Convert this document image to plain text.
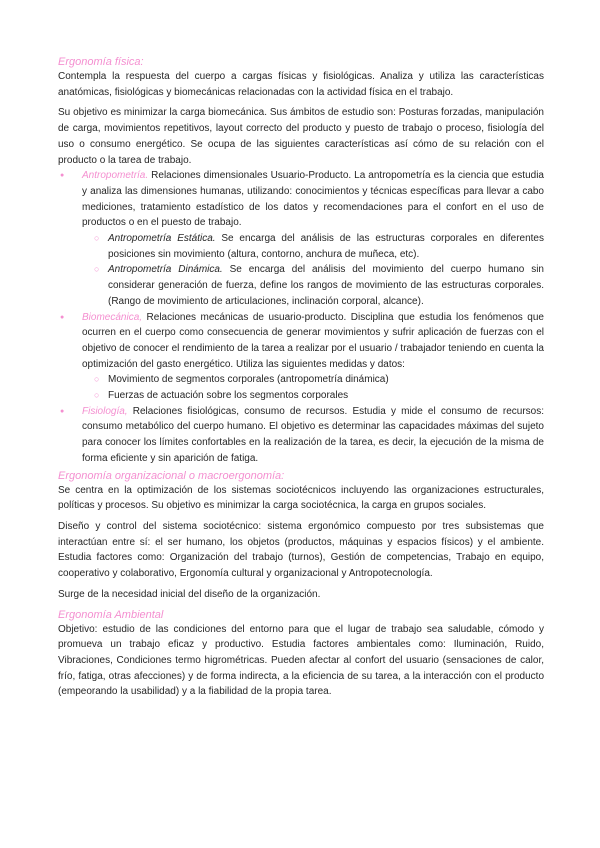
Ergonomía física:

Contempla la respuesta del cuerpo a cargas físicas y fisiológicas. Analiza y utiliza las características anatómicas, fisiológicas y biomecánicas relacionadas con la actividad física en el trabajo.

Su objetivo es minimizar la carga biomecánica. Sus ámbitos de estudio son: Posturas forzadas, manipulación de carga, movimientos repetitivos, layout correcto del producto y puesto de trabajo o proceso, fisiología del uso o consumo energético. Se ocupa de las siguientes características así cómo de su relación con el producto o la tarea de trabajo.

● Antropometría. Relaciones dimensionales Usuario-Producto. La antropometría es la ciencia que estudia y analiza las dimensiones humanas, utilizando: conocimientos y técnicas específicas para llevar a cabo mediciones, tratamiento estadístico de los datos y recomendaciones para el confort en el uso de productos o en el puesto de trabajo.
○ Antropometría Estática. Se encarga del análisis de las estructuras corporales en diferentes posiciones sin movimiento (altura, contorno, anchura de muñeca, etc).
○ Antropometría Dinámica. Se encarga del análisis del movimiento del cuerpo humano sin considerar generación de fuerza, define los rangos de movimiento de las estructuras corporales. (Rango de movimiento de articulaciones, inclinación corporal, alcance).
● Biomecánica, Relaciones mecánicas de usuario-producto. Disciplina que estudia los fenómenos que ocurren en el cuerpo como consecuencia de generar movimientos y sufrir aplicación de fuerzas con el objetivo de conocer el rendimiento de la tarea a realizar por el usuario / trabajador teniendo en cuenta la optimización del gasto energético. Utiliza las siguientes medidas y datos:
○ Movimiento de segmentos corporales (antropometría dinámica)
○ Fuerzas de actuación sobre los segmentos corporales
● Fisiología, Relaciones fisiológicas, consumo de recursos. Estudia y mide el consumo de recursos: consumo metabólico del cuerpo humano. El objetivo es determinar las capacidades máximas del sujeto para conocer los límites confortables en la realización de la tarea, es decir, la ejecución de la misma de forma eficiente y sin aparición de fatiga.
Ergonomía organizacional o macroergonomía:

Se centra en la optimización de los sistemas sociotécnicos incluyendo las organizaciones estructurales, políticas y procesos. Su objetivo es minimizar la carga sociotécnica, la carga en grupos sociales.

Diseño y control del sistema sociotécnico: sistema ergonómico compuesto por tres subsistemas que interactúan entre sí: el ser humano, los objetos (productos, máquinas y espacios físicos) y el ambiente. Estudia factores como: Organización del trabajo (turnos), Gestión de competencias, Trabajo en equipo, cooperativo y colaborativo, Ergonomía cultural y organizacional y Antropotecnología.

Surge de la necesidad inicial del diseño de la organización.

Ergonomía Ambiental

Objetivo: estudio de las condiciones del entorno para que el lugar de trabajo sea saludable, cómodo y promueva un trabajo eficaz y productivo. Estudia factores ambientales como: Iluminación, Ruido, Vibraciones, Condiciones termo higrométricas. Pueden afectar al confort del usuario (sensaciones de calor, frío, fatiga, otras afecciones) y de forma indirecta, a la eficiencia de su tarea, a la interacción con el producto (empeorando la usabilidad) y a la fiabilidad de la propia tarea.
